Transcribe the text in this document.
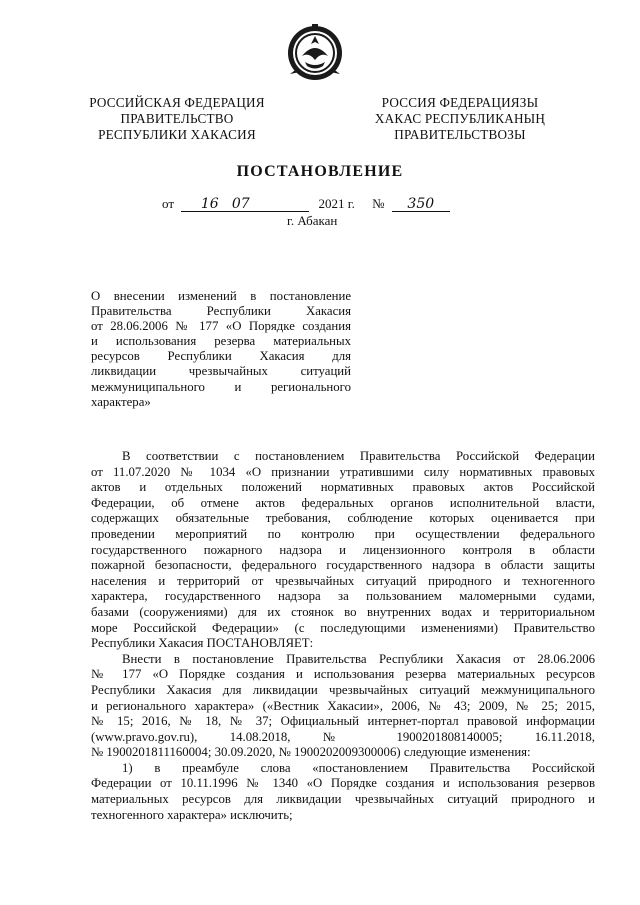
РОССИЙСКАЯ ФЕДЕРАЦИЯ
ПРАВИТЕЛЬСТВО
РЕСПУБЛИКИ ХАКАСИЯ
РОССИЯ ФЕДЕРАЦИЯЗЫ
ХАКАС РЕСПУБЛИКАНЫҢ
ПРАВИТЕЛЬСТВОЗЫ
ПОСТАНОВЛЕНИЕ
от 16 07	2021 г. № 350
г. Абакан
О внесении изменений в постановление
Правительства Республики Хакасия
от 28.06.2006 № 177 «О Порядке создания
и использования резерва материальных
ресурсов Республики Хакасия для
ликвидации чрезвычайных ситуаций
межмуниципального и регионального
характера»
В соответствии с постановлением Правительства Российской Федерации
от 11.07.2020 № 1034 «О признании утратившими силу нормативных правовых
актов и отдельных положений нормативных правовых актов Российской
Федерации, об отмене актов федеральных органов исполнительной власти,
содержащих обязательные требования, соблюдение которых оценивается при
проведении мероприятий по контролю при осуществлении федерального
государственного пожарного надзора и лицензионного контроля в области
пожарной безопасности, федерального государственного надзора в области защиты
населения и территорий от чрезвычайных ситуаций природного и техногенного
характера, государственного надзора за пользованием маломерными судами,
базами (сооружениями) для их стоянок во внутренних водах и территориальном
море Российской Федерации» (с последующими изменениями) Правительство
Республики Хакасия ПОСТАНОВЛЯЕТ:
Внести в постановление Правительства Республики Хакасия от 28.06.2006
№ 177 «О Порядке создания и использования резерва материальных ресурсов
Республики Хакасия для ликвидации чрезвычайных ситуаций межмуниципального
и регионального характера» («Вестник Хакасии», 2006, № 43; 2009, № 25; 2015,
№ 15; 2016, № 18, № 37; Официальный интернет-портал правовой информации
(www.pravo.gov.ru), 14.08.2018, № 1900201808140005; 16.11.2018,
№ 1900201811160004; 30.09.2020, № 1900202009300006) следующие изменения:
1) в преамбуле слова «постановлением Правительства Российской
Федерации от 10.11.1996 № 1340 «О Порядке создания и использования резервов
материальных ресурсов для ликвидации чрезвычайных ситуаций природного и
техногенного характера» исключить;
